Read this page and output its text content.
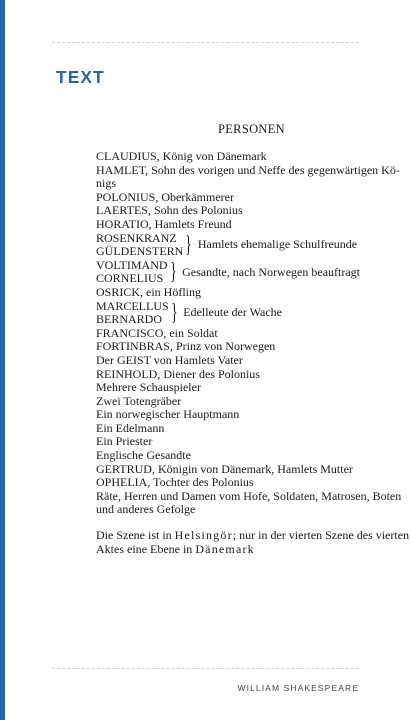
TEXT
PERSONEN
CLAUDIUS, König von Dänemark
HAMLET, Sohn des vorigen und Neffe des gegenwärtigen Kö-
nigs
POLONIUS, Oberkämmerer
LAERTES, Sohn des Polonius
HORATIO, Hamlets Freund
ROSENKRANZ
GÜLDENSTERN } Hamlets ehemalige Schulfreunde
VOLTIMAND
CORNELIUS } Gesandte, nach Norwegen beauftragt
OSRICK, ein Höfling
MARCELLUS
BERNARDO } Edelleute der Wache
FRANCISCO, ein Soldat
FORTINBRAS, Prinz von Norwegen
Der GEIST von Hamlets Vater
REINHOLD, Diener des Polonius
Mehrere Schauspieler
Zwei Totengräber
Ein norwegischer Hauptmann
Ein Edelmann
Ein Priester
Englische Gesandte
GERTRUD, Königin von Dänemark, Hamlets Mutter
OPHELIA, Tochter des Polonius
Räte, Herren und Damen vom Hofe, Soldaten, Matrosen, Boten und anderes Gefolge
Die Szene ist in Helsingör; nur in der vierten Szene des vierten Aktes eine Ebene in Dänemark
WILLIAM SHAKESPEARE
